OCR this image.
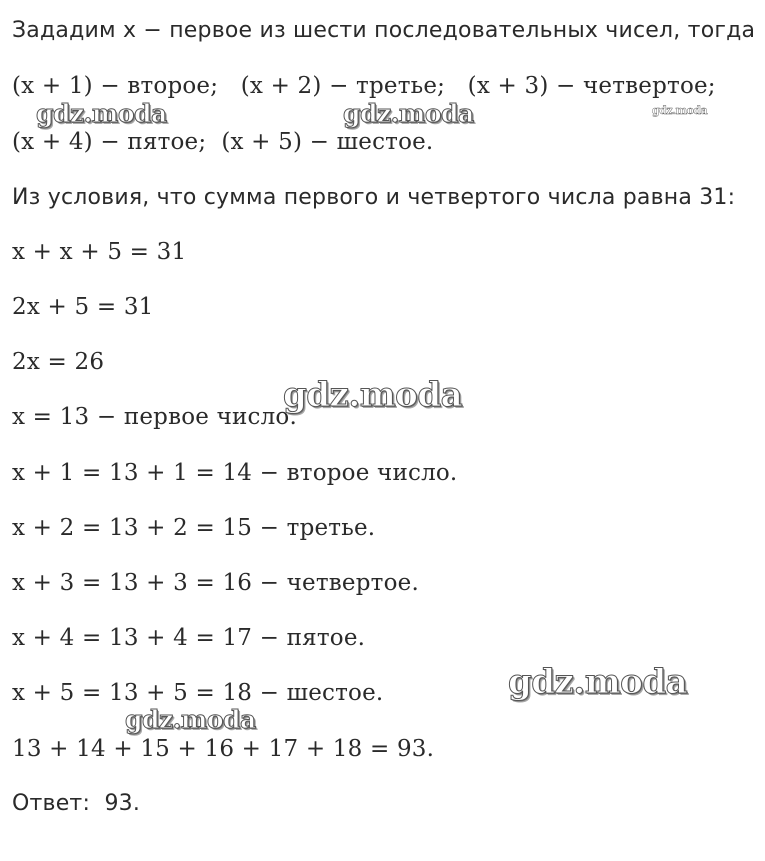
Зададим x − первое из шести последовательных чисел, тогда
(x + 1) − второе;   (x + 2) − третье;   (x + 3) − четвертое;
(x + 4) − пятое;  (x + 5) − шестое.
Из условия, что сумма первого и четвертого числа равна 31:
x + x + 5 = 31
2x + 5 = 31
2x = 26
x = 13 − первое число.
x + 1 = 13 + 1 = 14 − второе число.
x + 2 = 13 + 2 = 15 − третье.
x + 3 = 13 + 3 = 16 − четвертое.
x + 4 = 13 + 4 = 17 − пятое.
x + 5 = 13 + 5 = 18 − шестое.
13 + 14 + 15 + 16 + 17 + 18 = 93.
Ответ:  93.
gdz.moda	gdz.moda	gdz.moda
gdz.moda
gdz.moda
gdz.moda
